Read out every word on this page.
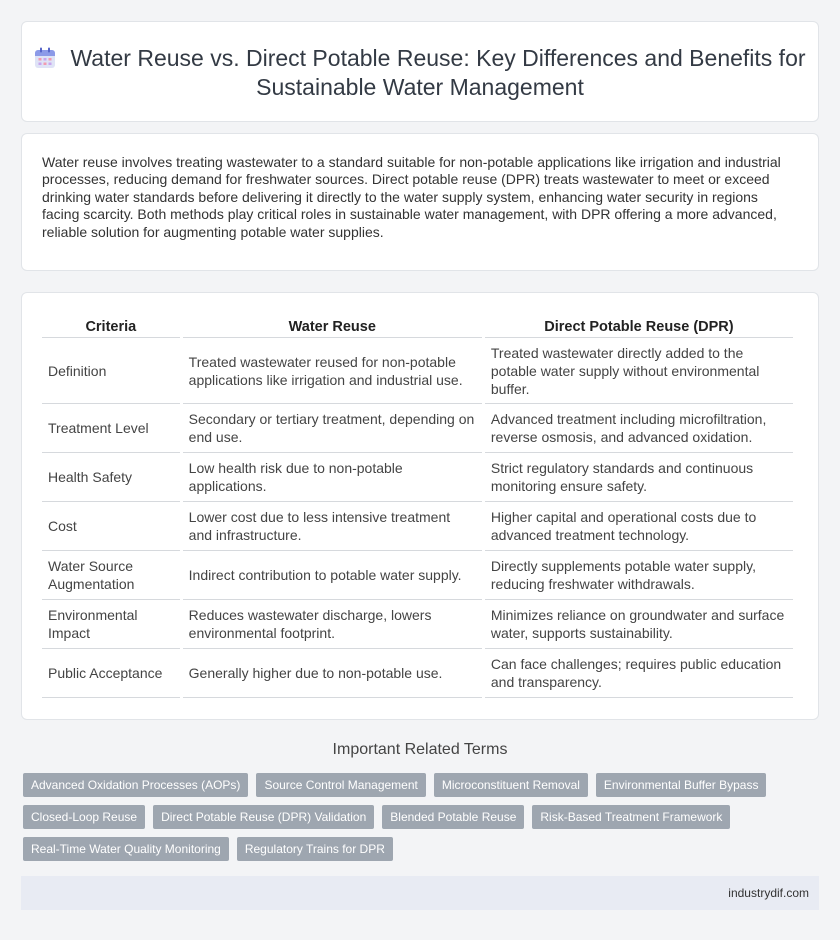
Water Reuse vs. Direct Potable Reuse: Key Differences and Benefits for Sustainable Water Management

Water reuse involves treating wastewater to a standard suitable for non-potable applications like irrigation and industrial processes, reducing demand for freshwater sources. Direct potable reuse (DPR) treats wastewater to meet or exceed drinking water standards before delivering it directly to the water supply system, enhancing water security in regions facing scarcity. Both methods play critical roles in sustainable water management, with DPR offering a more advanced, reliable solution for augmenting potable water supplies.

Criteria	Water Reuse	Direct Potable Reuse (DPR)
Definition	Treated wastewater reused for non-potable applications like irrigation and industrial use.	Treated wastewater directly added to the potable water supply without environmental buffer.
Treatment Level	Secondary or tertiary treatment, depending on end use.	Advanced treatment including microfiltration, reverse osmosis, and advanced oxidation.
Health Safety	Low health risk due to non-potable applications.	Strict regulatory standards and continuous monitoring ensure safety.
Cost	Lower cost due to less intensive treatment and infrastructure.	Higher capital and operational costs due to advanced treatment technology.
Water Source Augmentation	Indirect contribution to potable water supply.	Directly supplements potable water supply, reducing freshwater withdrawals.
Environmental Impact	Reduces wastewater discharge, lowers environmental footprint.	Minimizes reliance on groundwater and surface water, supports sustainability.
Public Acceptance	Generally higher due to non-potable use.	Can face challenges; requires public education and transparency.
Important Related Terms
Advanced Oxidation Processes (AOPs)	Source Control Management	Microconstituent Removal	Environmental Buffer Bypass
Closed-Loop Reuse	Direct Potable Reuse (DPR) Validation	Blended Potable Reuse	Risk-Based Treatment Framework
Real-Time Water Quality Monitoring	Regulatory Trains for DPR
industrydif.com
